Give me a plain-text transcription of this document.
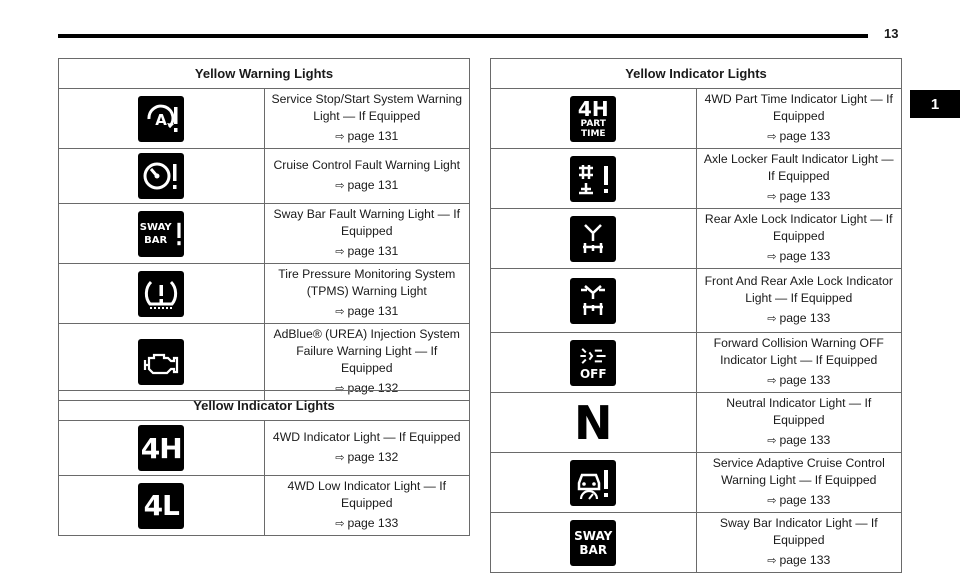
13
1
Yellow Warning Lights	

A	Service Stop/Start System Warning Light — If Equipped
⇨ page 131

	Cruise Control Fault Warning Light
⇨ page 131

SWAY
BAR	Sway Bar Fault Warning Light — If Equipped
⇨ page 131

	Tire Pressure Monitoring System (TPMS) Warning Light
⇨ page 131

	AdBlue® (UREA) Injection System Failure Warning Light — If Equipped
⇨ page 132
Yellow Indicator Lights	

4H	4WD Indicator Light — If Equipped
⇨ page 132

4L	4WD Low Indicator Light — If Equipped
⇨ page 133
Yellow Indicator Lights	

4H
PART
TIME	4WD Part Time Indicator Light — If Equipped
⇨ page 133

	Axle Locker Fault Indicator Light — If Equipped
⇨ page 133

	Rear Axle Lock Indicator Light — If Equipped
⇨ page 133

	Front And Rear Axle Lock Indicator Light — If Equipped
⇨ page 133

OFF	Forward Collision Warning OFF Indicator Light — If Equipped
⇨ page 133

N	Neutral Indicator Light — If Equipped
⇨ page 133

	Service Adaptive Cruise Control Warning Light — If Equipped
⇨ page 133

SWAY
BAR	Sway Bar Indicator Light — If Equipped
⇨ page 133
